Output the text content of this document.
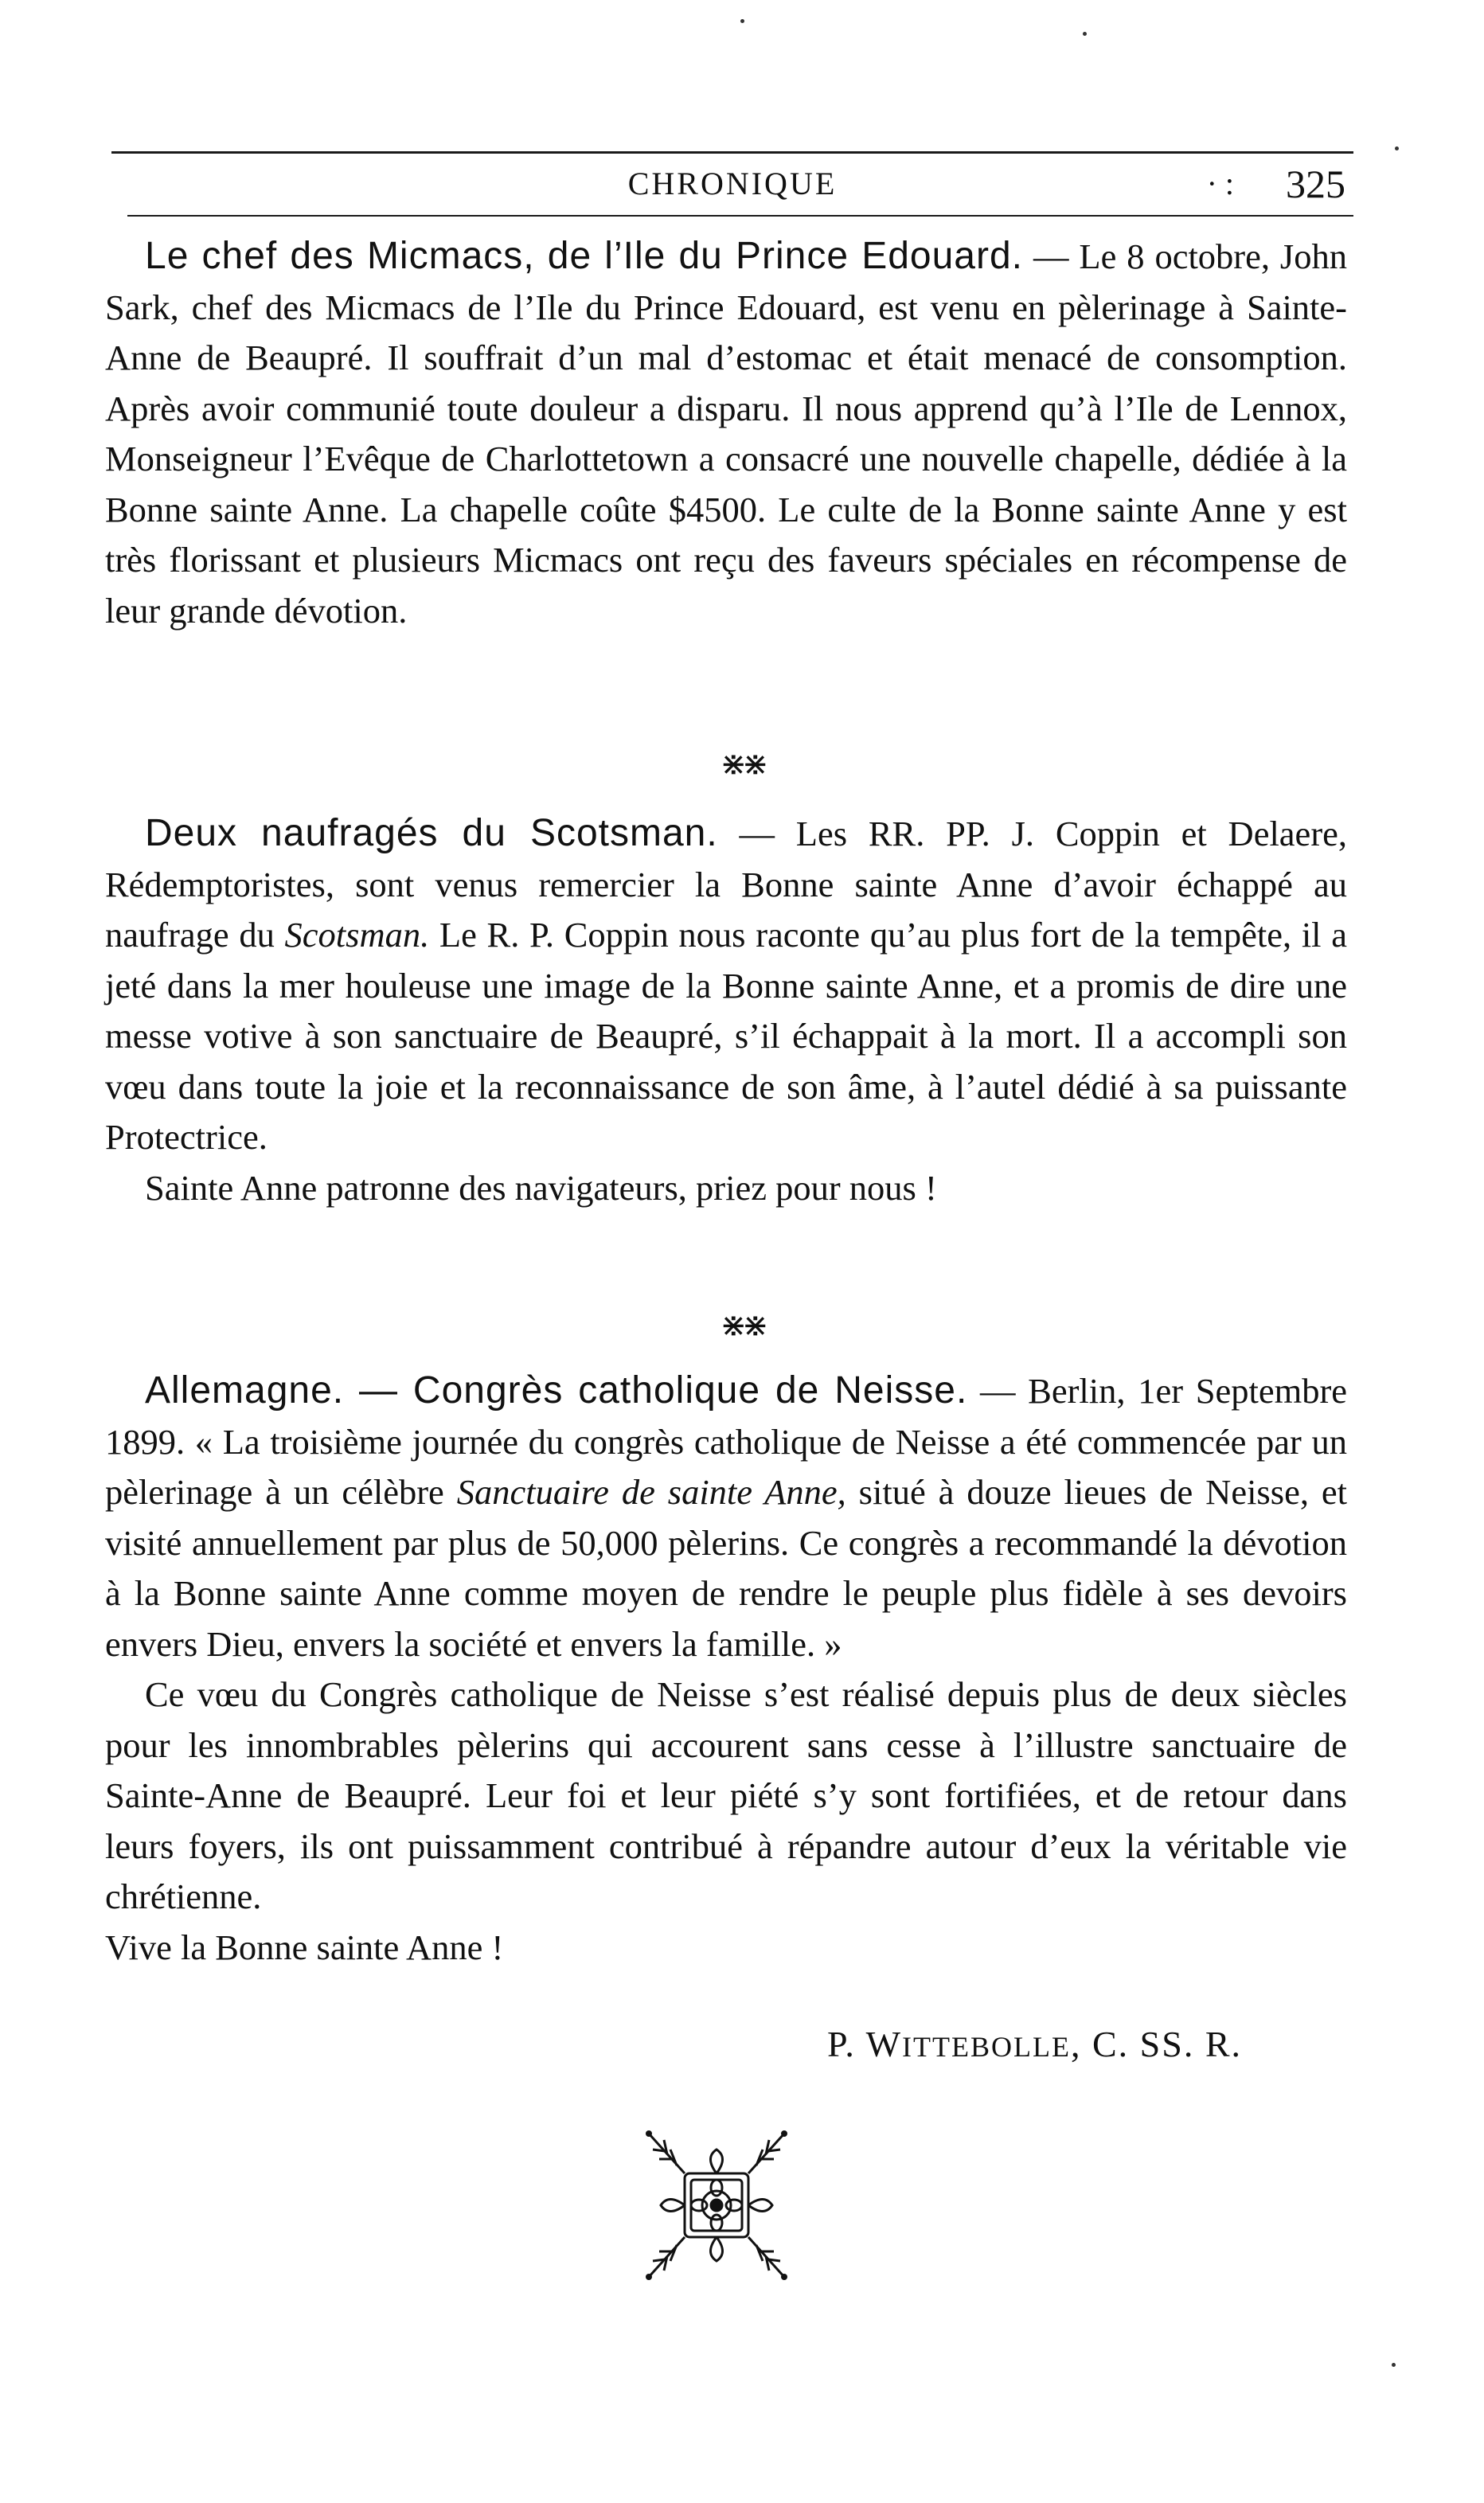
CHRONIQUE	· : 325

Le chef des Micmacs, de l’Ile du Prince Edouard. — Le 8 octobre, John Sark, chef des Micmacs de l’Ile du Prince Edouard, est venu en pèlerinage à Sainte-Anne de Beaupré. Il souffrait d’un mal d’estomac et était menacé de consomption. Après avoir communié toute douleur a disparu. Il nous apprend qu’à l’Ile de Lennox, Monseigneur l’Evêque de Charlottetown a consacré une nouvelle chapelle, dédiée à la Bonne sainte Anne. La chapelle coûte $4500. Le culte de la Bonne sainte Anne y est très florissant et plusieurs Micmacs ont reçu des faveurs spéciales en récompense de leur grande dévotion.

⋇⋇

Deux naufragés du Scotsman. — Les RR. PP. J. Coppin et Delaere, Rédemptoristes, sont venus remercier la Bonne sainte Anne d’avoir échappé au naufrage du Scotsman. Le R. P. Coppin nous raconte qu’au plus fort de la tempête, il a jeté dans la mer houleuse une image de la Bonne sainte Anne, et a promis de dire une messe votive à son sanctuaire de Beaupré, s’il échappait à la mort. Il a accompli son vœu dans toute la joie et la reconnaissance de son âme, à l’autel dédié à sa puissante Protectrice.

Sainte Anne patronne des navigateurs, priez pour nous !

⋇⋇

Allemagne. — Congrès catholique de Neisse. — Berlin, 1er Septembre 1899. « La troisième journée du congrès catholique de Neisse a été commencée par un pèlerinage à un célèbre Sanctuaire de sainte Anne, situé à douze lieues de Neisse, et visité annuellement par plus de 50,000 pèlerins. Ce congrès a recommandé la dévotion à la Bonne sainte Anne comme moyen de rendre le peuple plus fidèle à ses devoirs envers Dieu, envers la société et envers la famille. »

Ce vœu du Congrès catholique de Neisse s’est réalisé depuis plus de deux siècles pour les innombrables pèlerins qui accourent sans cesse à l’illustre sanctuaire de Sainte-Anne de Beaupré. Leur foi et leur piété s’y sont fortifiées, et de retour dans leurs foyers, ils ont puissamment contribué à répandre autour d’eux la véritable vie chrétienne.

Vive la Bonne sainte Anne !

P. WITTEBOLLE, C. SS. R.
